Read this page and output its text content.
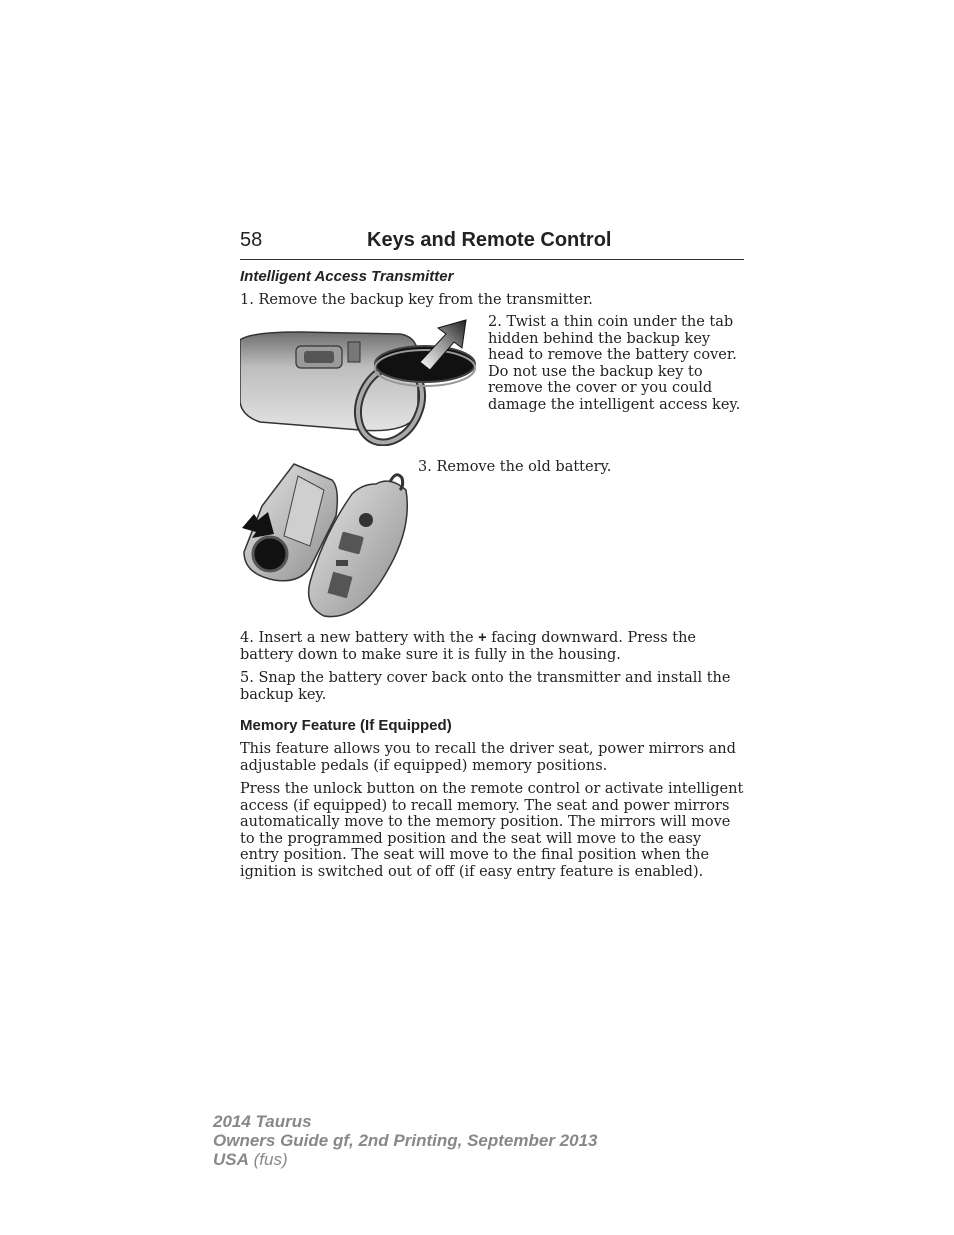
58	Keys and Remote Control
Intelligent Access Transmitter

1. Remove the backup key from the transmitter.

2. Twist a thin coin under the tab hidden behind the backup key head to remove the battery cover. Do not use the backup key to remove the cover or you could damage the intelligent access key.

3. Remove the old battery.

4. Insert a new battery with the + facing downward. Press the battery down to make sure it is fully in the housing.

5. Snap the battery cover back onto the transmitter and install the backup key.

Memory Feature (If Equipped)

This feature allows you to recall the driver seat, power mirrors and adjustable pedals (if equipped) memory positions.

Press the unlock button on the remote control or activate intelligent access (if equipped) to recall memory. The seat and power mirrors automatically move to the memory position. The mirrors will move to the programmed position and the seat will move to the easy entry position. The seat will move to the final position when the ignition is switched out of off (if easy entry feature is enabled).

2014 Taurus
Owners Guide gf, 2nd Printing, September 2013
USA (fus)
